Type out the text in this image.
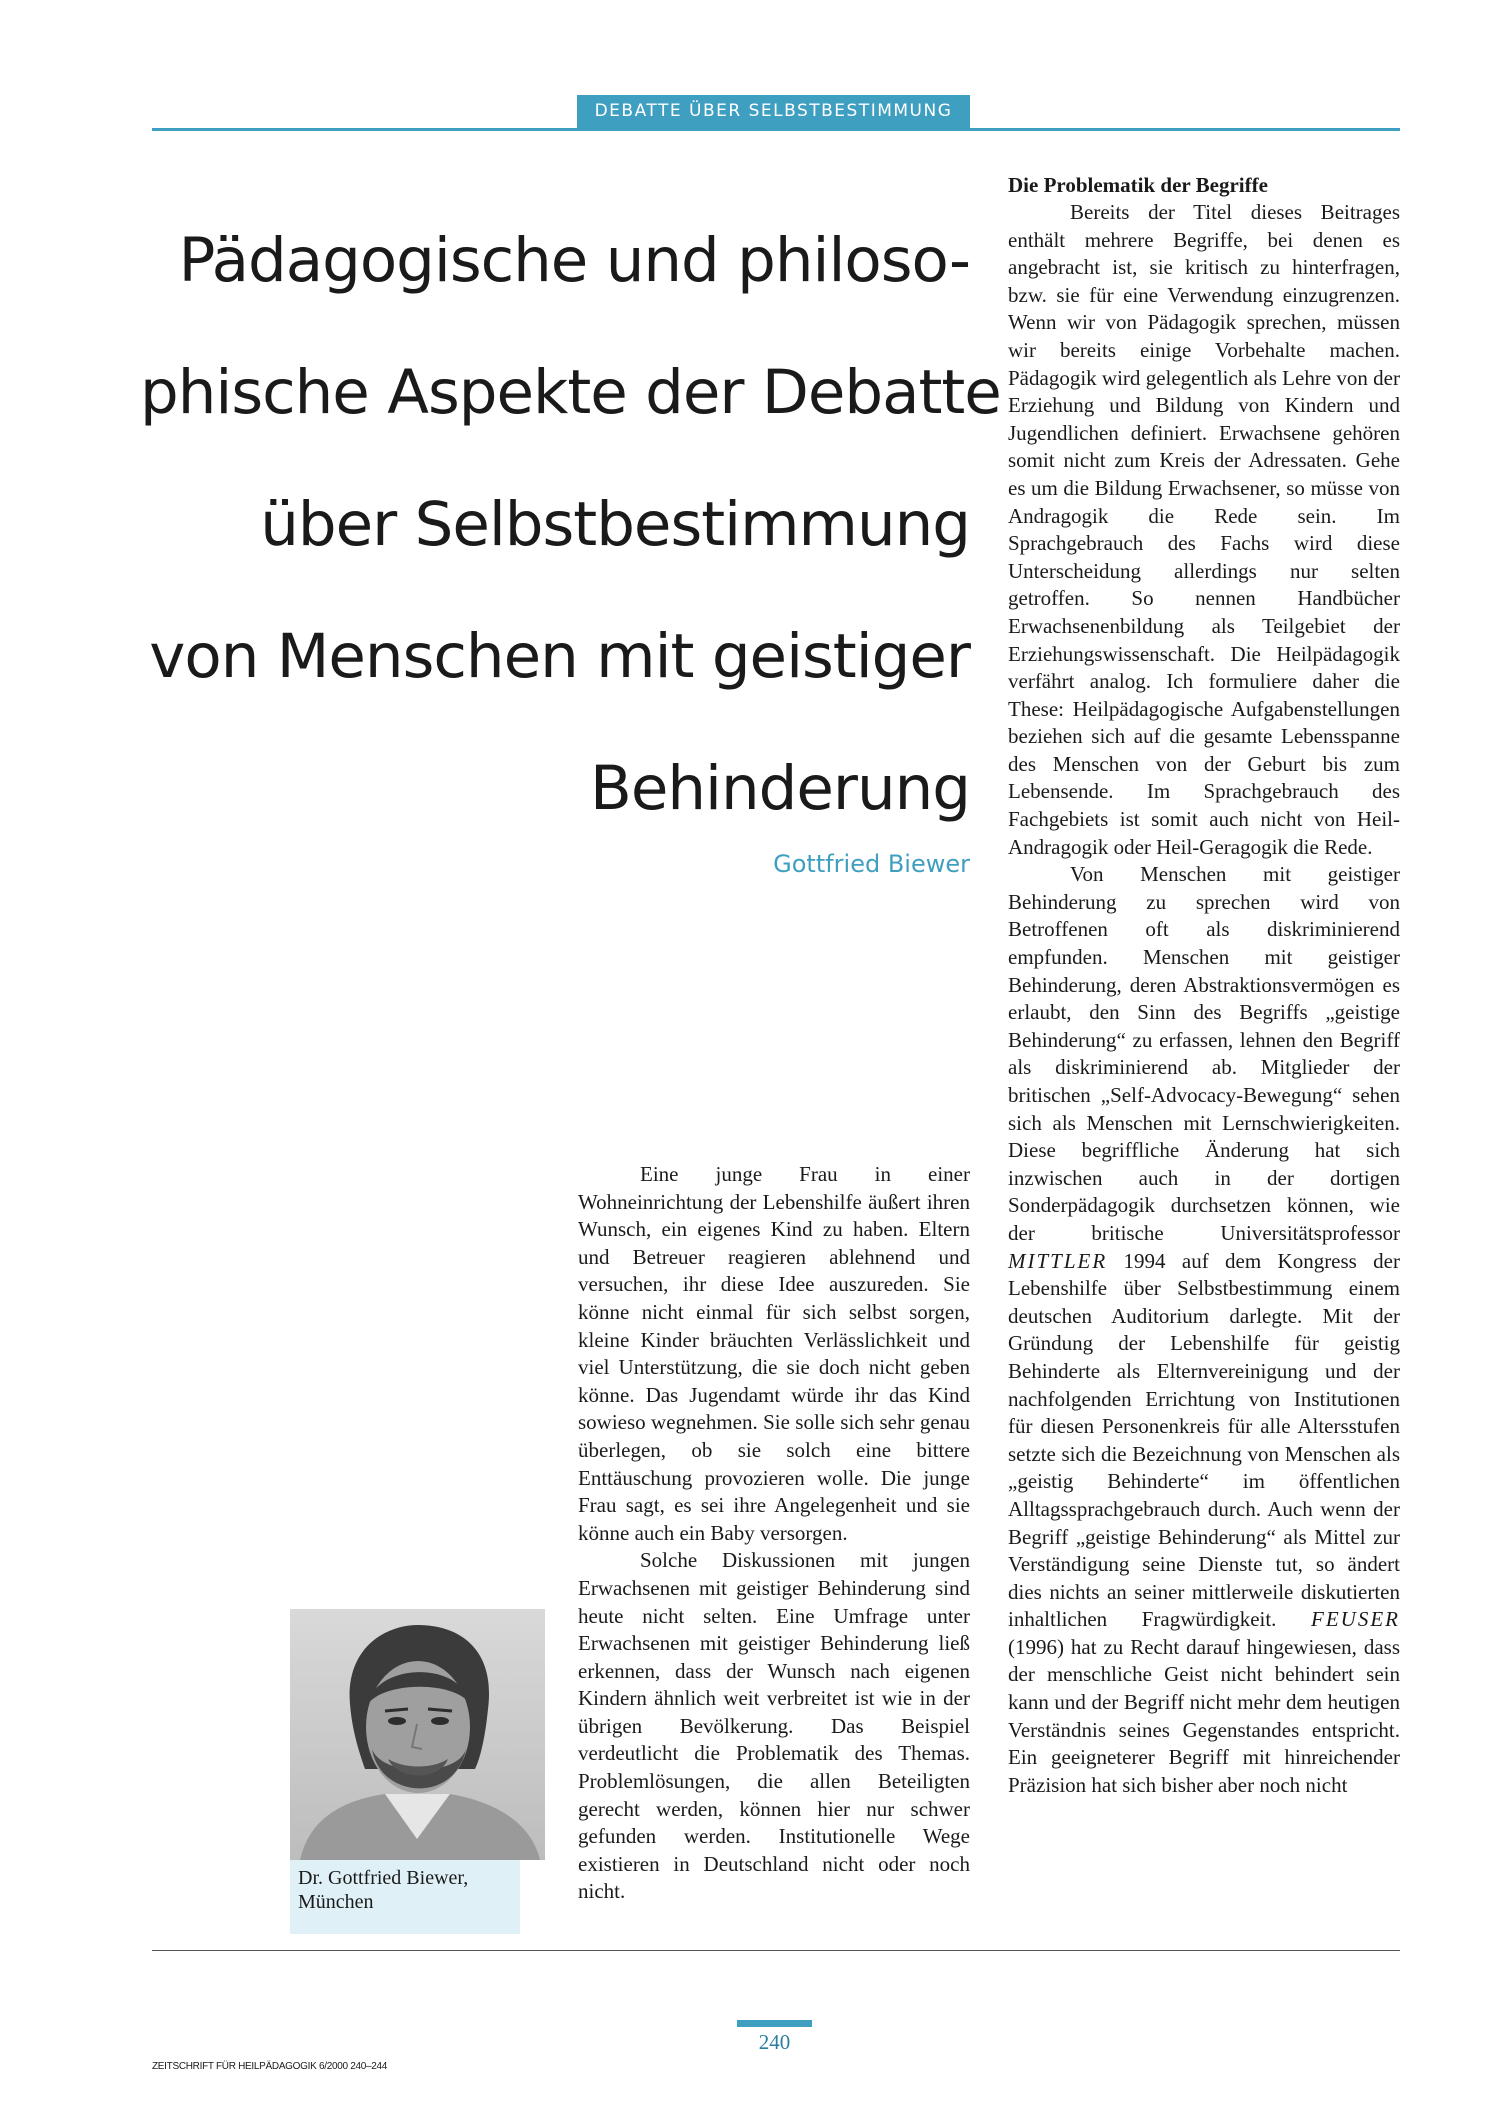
DEBATTE ÜBER SELBSTBESTIMMUNG
Pädagogische und philoso-
phische Aspekte der Debatte
über Selbstbestimmung
von Menschen mit geistiger
Behinderung
Gottfried Biewer
Dr. Gottfried Biewer,
München

Eine junge Frau in einer Wohneinrichtung der Lebenshilfe äußert ihren Wunsch, ein eigenes Kind zu haben. Eltern und Betreuer reagieren ablehnend und versuchen, ihr diese Idee auszureden. Sie könne nicht einmal für sich selbst sorgen, kleine Kinder bräuchten Verlässlichkeit und viel Unterstützung, die sie doch nicht geben könne. Das Jugendamt würde ihr das Kind sowieso wegnehmen. Sie solle sich sehr genau überlegen, ob sie solch eine bittere Enttäuschung provozieren wolle. Die junge Frau sagt, es sei ihre Angelegenheit und sie könne auch ein Baby versorgen.

Solche Diskussionen mit jungen Erwachsenen mit geistiger Behinderung sind heute nicht selten. Eine Umfrage unter Erwachsenen mit geistiger Behinderung ließ erkennen, dass der Wunsch nach eigenen Kindern ähnlich weit verbreitet ist wie in der übrigen Bevölkerung. Das Beispiel verdeutlicht die Problematik des Themas. Problemlösungen, die allen Beteiligten gerecht werden, können hier nur schwer gefunden werden. Institutionelle Wege existieren in Deutschland nicht oder noch nicht.

Die Problematik der Begriffe

Bereits der Titel dieses Beitrages enthält mehrere Begriffe, bei denen es angebracht ist, sie kritisch zu hinterfragen, bzw. sie für eine Verwendung einzugrenzen. Wenn wir von Pädagogik sprechen, müssen wir bereits einige Vorbehalte machen. Pädagogik wird gelegentlich als Lehre von der Erziehung und Bildung von Kindern und Jugendlichen definiert. Erwachsene gehören somit nicht zum Kreis der Adressaten. Gehe es um die Bildung Erwachsener, so müsse von Andragogik die Rede sein. Im Sprachgebrauch des Fachs wird diese Unterscheidung allerdings nur selten getroffen. So nennen Handbücher Erwachsenenbildung als Teilgebiet der Erziehungswissenschaft. Die Heilpädagogik verfährt analog. Ich formuliere daher die These: Heilpädagogische Aufgabenstellungen beziehen sich auf die gesamte Lebensspanne des Menschen von der Geburt bis zum Lebensende. Im Sprachgebrauch des Fachgebiets ist somit auch nicht von Heil-Andragogik oder Heil-Geragogik die Rede.

Von Menschen mit geistiger Behinderung zu sprechen wird von Betroffenen oft als diskriminierend empfunden. Menschen mit geistiger Behinderung, deren Abstraktionsvermögen es erlaubt, den Sinn des Begriffs „geistige Behinderung“ zu erfassen, lehnen den Begriff als diskriminierend ab. Mitglieder der britischen „Self-Advocacy-Bewegung“ sehen sich als Menschen mit Lernschwierigkeiten. Diese begriffliche Änderung hat sich inzwischen auch in der dortigen Sonderpädagogik durchsetzen können, wie der britische Universitätsprofessor MITTLER 1994 auf dem Kongress der Lebenshilfe über Selbstbestimmung einem deutschen Auditorium darlegte. Mit der Gründung der Lebenshilfe für geistig Behinderte als Elternvereinigung und der nachfolgenden Errichtung von Institutionen für diesen Personenkreis für alle Altersstufen setzte sich die Bezeichnung von Menschen als „geistig Behinderte“ im öffentlichen Alltagssprachgebrauch durch. Auch wenn der Begriff „geistige Behinderung“ als Mittel zur Verständigung seine Dienste tut, so ändert dies nichts an seiner mittlerweile diskutierten inhaltlichen Fragwürdigkeit. FEUSER (1996) hat zu Recht darauf hingewiesen, dass der menschliche Geist nicht behindert sein kann und der Begriff nicht mehr dem heutigen Verständnis seines Gegenstandes entspricht. Ein geeigneterer Begriff mit hinreichender Präzision hat sich bisher aber noch nicht

ZEITSCHRIFT FÜR HEILPÄDAGOGIK 6/2000 240–244
240
